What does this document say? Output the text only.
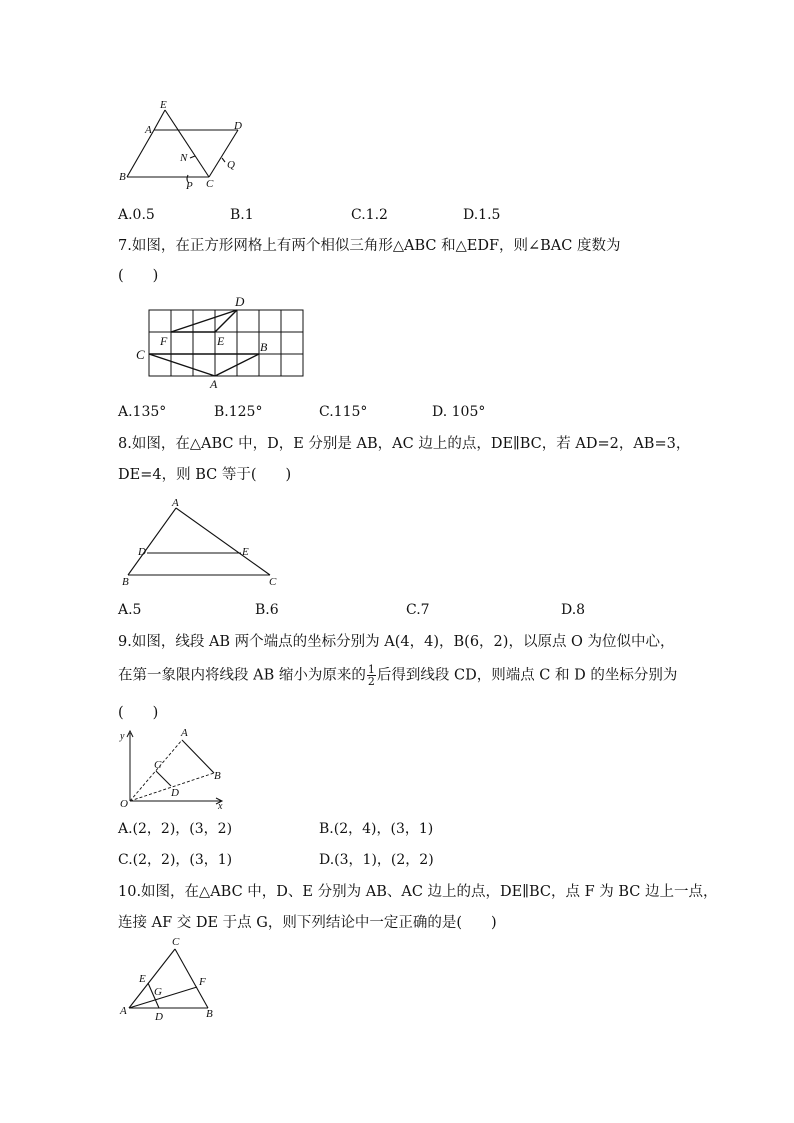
E
A	D
N
Q
B
P C
A.0.5	B.1	C.1.2	D.1.5
7.如图，在正方形网格上有两个相似三角形△ABC 和△EDF，则∠BAC 度数为
(　　)
D
F	E	B
C
A
A.135°	B.125°	C.115°	D. 105°
8.如图，在△ABC 中，D，E 分别是 AB，AC 边上的点，DE∥BC，若 AD=2，AB=3，
DE=4，则 BC 等于(　　)
A
D	E
B	C
A.5	B.6	C.7	D.8
9.如图，线段 AB 两个端点的坐标分别为 A(4，4)，B(6，2)，以原点 O 为位似中心，
在第一象限内将线段 AB 缩小为原来的 $\frac{1}{2}$ 后得到线段 CD，则端点 C 和 D 的坐标分别为
(　　)
y	A
C
B
D
O	x
A.(2，2)，(3，2)	B.(2，4)，(3，1)
C.(2，2)，(3，1)	D.(3，1)，(2，2)
10.如图，在△ABC 中，D、E 分别为 AB、AC 边上的点，DE∥BC，点 F 为 BC 边上一点，
连接 AF 交 DE 于点 G，则下列结论中一定正确的是(　　)
C
E	F
G
A	D	B
